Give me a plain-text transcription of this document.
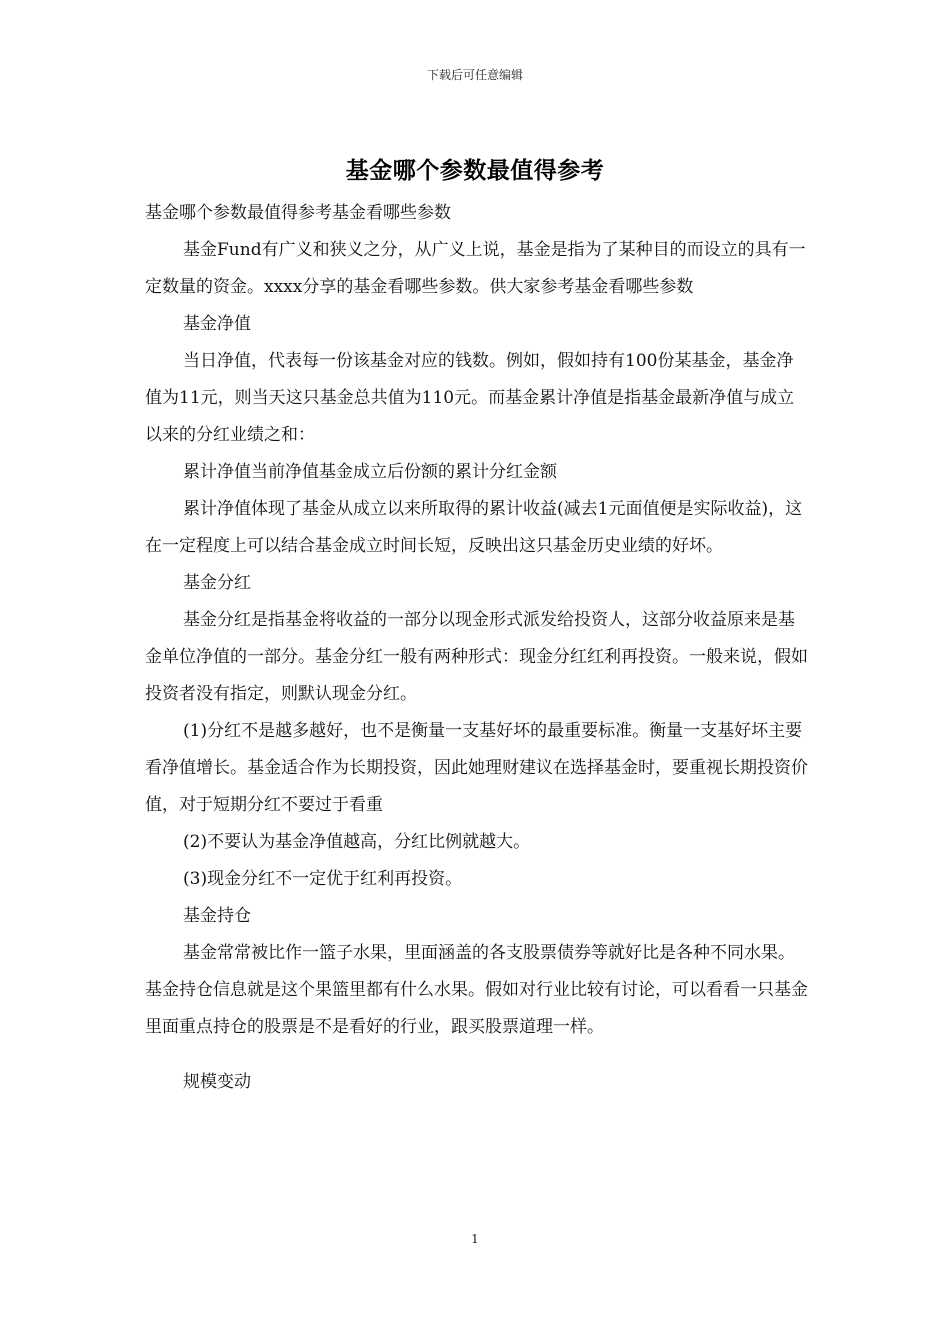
下载后可任意编辑
基金哪个参数最值得参考

基金哪个参数最值得参考基金看哪些参数

基金Fund有广义和狭义之分，从广义上说，基金是指为了某种目的而设立的具有一定数量的资金。xxxx分享的基金看哪些参数。供大家参考基金看哪些参数

基金净值

当日净值，代表每一份该基金对应的钱数。例如，假如持有100份某基金，基金净值为11元，则当天这只基金总共值为110元。而基金累计净值是指基金最新净值与成立以来的分红业绩之和：

累计净值当前净值基金成立后份额的累计分红金额

累计净值体现了基金从成立以来所取得的累计收益(减去1元面值便是实际收益)，这在一定程度上可以结合基金成立时间长短，反映出这只基金历史业绩的好坏。

基金分红

基金分红是指基金将收益的一部分以现金形式派发给投资人，这部分收益原来是基金单位净值的一部分。基金分红一般有两种形式：现金分红红利再投资。一般来说，假如投资者没有指定，则默认现金分红。

(1)分红不是越多越好，也不是衡量一支基好坏的最重要标准。衡量一支基好坏主要看净值增长。基金适合作为长期投资，因此她理财建议在选择基金时，要重视长期投资价值，对于短期分红不要过于看重

(2)不要认为基金净值越高，分红比例就越大。

(3)现金分红不一定优于红利再投资。

基金持仓

基金常常被比作一篮子水果，里面涵盖的各支股票债券等就好比是各种不同水果。基金持仓信息就是这个果篮里都有什么水果。假如对行业比较有讨论，可以看看一只基金里面重点持仓的股票是不是看好的行业，跟买股票道理一样。

规模变动

1
